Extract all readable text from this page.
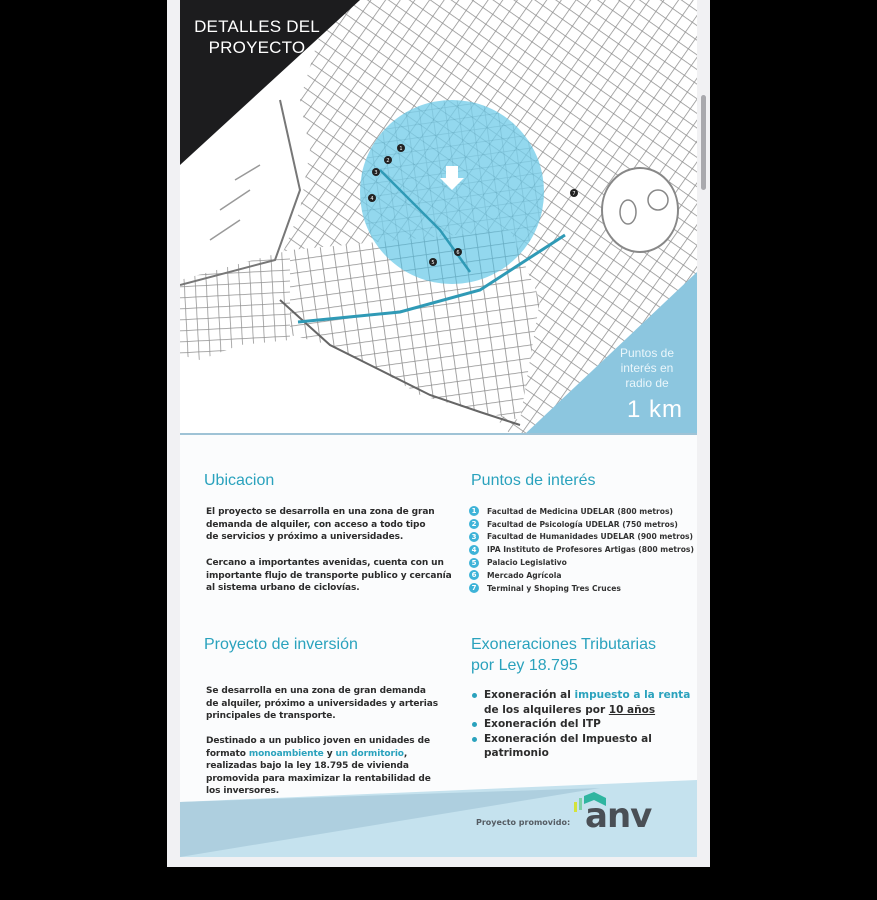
1
2
3
4
5
6
7
DETALLES DEL
PROYECTO
Puntos de
interés en
radio de
1 km
Ubicacion
El proyecto se desarrolla en una zona de gran
demanda de alquiler, con acceso a todo tipo
de servicios y próximo a universidades.
Cercano a importantes avenidas, cuenta con un
importante flujo de transporte publico y cercanía
al sistema urbano de ciclovías.
Puntos de interés
1	Facultad de Medicina UDELAR (800 metros)
2	Facultad de Psicología UDELAR (750 metros)
3	Facultad de Humanidades UDELAR (900 metros)
4	IPA Instituto de Profesores Artigas (800 metros)
5	Palacio Legislativo
6	Mercado Agrícola
7	Terminal y Shoping Tres Cruces
Proyecto de inversión
Se desarrolla en una zona de gran demanda
de alquiler, próximo a universidades y arterias
principales de transporte.
Destinado a un publico joven en unidades de
formato monoambiente y un dormitorio,
realizadas bajo la ley 18.795 de vivienda
promovida para maximizar la rentabilidad de
los inversores.
Exoneraciones Tributarias
por Ley 18.795
Exoneración al impuesto a la renta
de los alquileres por 10 años
Exoneración del ITP
Exoneración del Impuesto al patrimonio
Proyecto promovido: anv
